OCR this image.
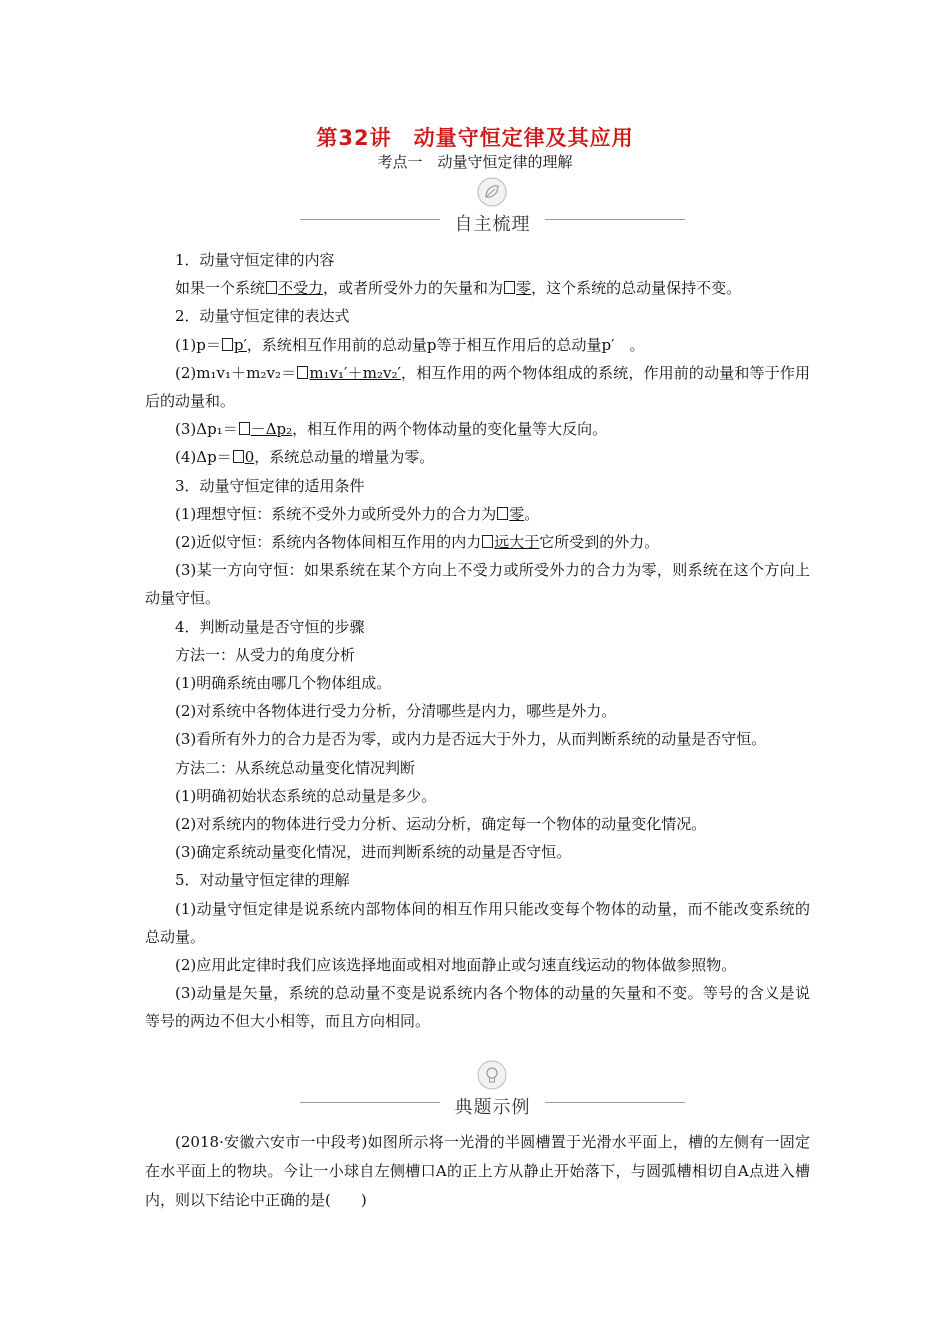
第32讲　动量守恒定律及其应用
考点一　动量守恒定律的理解
自主梳理

1．动量守恒定律的内容

如果一个系统 不受力，或者所受外力的矢量和为 零，这个系统的总动量保持不变。

2．动量守恒定律的表达式

(1)p＝ p′，系统相互作用前的总动量p等于相互作用后的总动量p′　。

(2)m₁v₁＋m₂v₂＝ m₁v₁′＋m₂v₂′，相互作用的两个物体组成的系统，作用前的动量和等于作用后的动量和。

(3)Δp₁＝ －Δp₂，相互作用的两个物体动量的变化量等大反向。

(4)Δp＝ 0，系统总动量的增量为零。

3．动量守恒定律的适用条件

(1)理想守恒：系统不受外力或所受外力的合力为 零。

(2)近似守恒：系统内各物体间相互作用的内力 远大于它所受到的外力。

(3)某一方向守恒：如果系统在某个方向上不受力或所受外力的合力为零，则系统在这个方向上动量守恒。

4．判断动量是否守恒的步骤

方法一：从受力的角度分析

(1)明确系统由哪几个物体组成。

(2)对系统中各物体进行受力分析，分清哪些是内力，哪些是外力。

(3)看所有外力的合力是否为零，或内力是否远大于外力，从而判断系统的动量是否守恒。

方法二：从系统总动量变化情况判断

(1)明确初始状态系统的总动量是多少。

(2)对系统内的物体进行受力分析、运动分析，确定每一个物体的动量变化情况。

(3)确定系统动量变化情况，进而判断系统的动量是否守恒。

5．对动量守恒定律的理解

(1)动量守恒定律是说系统内部物体间的相互作用只能改变每个物体的动量，而不能改变系统的总动量。

(2)应用此定律时我们应该选择地面或相对地面静止或匀速直线运动的物体做参照物。

(3)动量是矢量，系统的总动量不变是说系统内各个物体的动量的矢量和不变。等号的含义是说等号的两边不但大小相等，而且方向相同。

典题示例

(2018·安徽六安市一中段考)如图所示将一光滑的半圆槽置于光滑水平面上，槽的左侧有一固定在水平面上的物块。今让一小球自左侧槽口A的正上方从静止开始落下，与圆弧槽相切自A点进入槽内，则以下结论中正确的是(　　)
